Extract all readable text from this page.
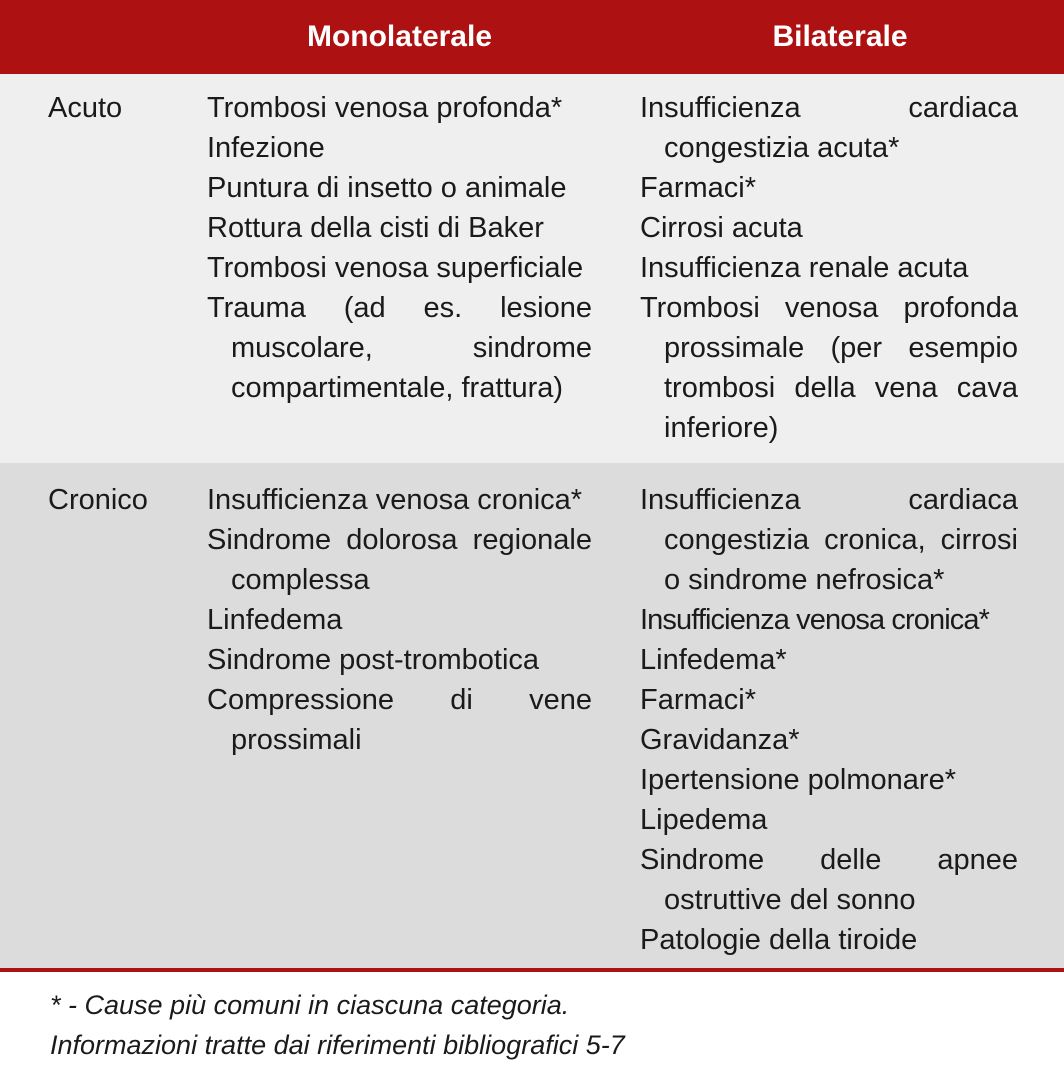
Monolaterale	Bilaterale
Acuto	Trombosi venosa profonda*
Infezione
Puntura di insetto o animale
Rottura della cisti di Baker
Trombosi venosa superficiale
Trauma (ad es. lesione muscolare, sindrome compartimentale, frattura)
Insufficienza cardiaca congestizia acuta*
Farmaci*
Cirrosi acuta
Insufficienza renale acuta
Trombosi venosa profonda prossimale (per esempio trombosi della vena cava inferiore)
Cronico Insufficienza venosa cronica*
Sindrome dolorosa regionale complessa
Linfedema
Sindrome post-trombotica
Compressione di vene prossimali
Insufficienza cardiaca congestizia cronica, cirrosi o sindrome nefrosica*
Insufficienza venosa cronica*
Linfedema*
Farmaci*
Gravidanza*
Ipertensione polmonare*
Lipedema
Sindrome delle apnee ostruttive del sonno
Patologie della tiroide
* - Cause più comuni in ciascuna categoria.
Informazioni tratte dai riferimenti bibliografici 5-7
